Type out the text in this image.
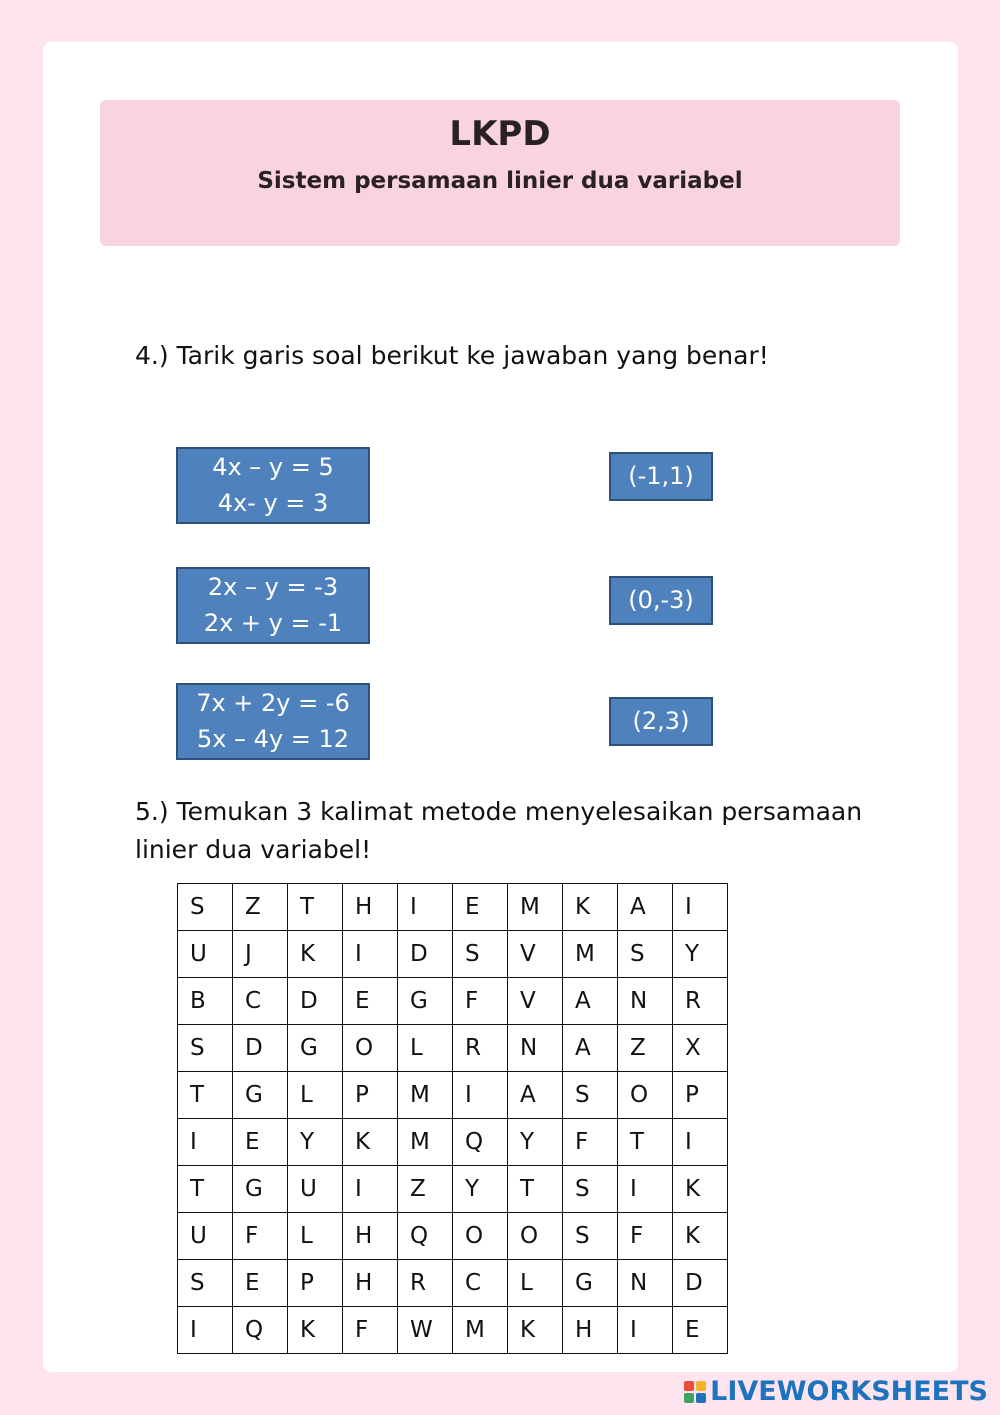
LKPD
Sistem persamaan linier dua variabel
4.) Tarik garis soal berikut ke jawaban yang benar!
4x – y = 5
4x- y = 3
2x – y = -3
2x + y = -1
7x + 2y = -6
5x – 4y = 12
(-1,1)
(0,-3)
(2,3)
5.) Temukan 3 kalimat metode menyelesaikan persamaan linier dua variabel!
S	Z	T	H	I	E	M	K	A	I
U	J	K	I	D	S	V	M	S	Y
B	C	D	E	G	F	V	A	N	R
S	D	G	O	L	R	N	A	Z	X
T	G	L	P	M	I	A	S	O	P
I	E	Y	K	M	Q	Y	F	T	I
T	G	U	I	Z	Y	T	S	I	K
U	F	L	H	Q	O	O	S	F	K
S	E	P	H	R	C	L	G	N	D
I	Q	K	F	W	M	K	H	I	E
LIVEWORKSHEETS
